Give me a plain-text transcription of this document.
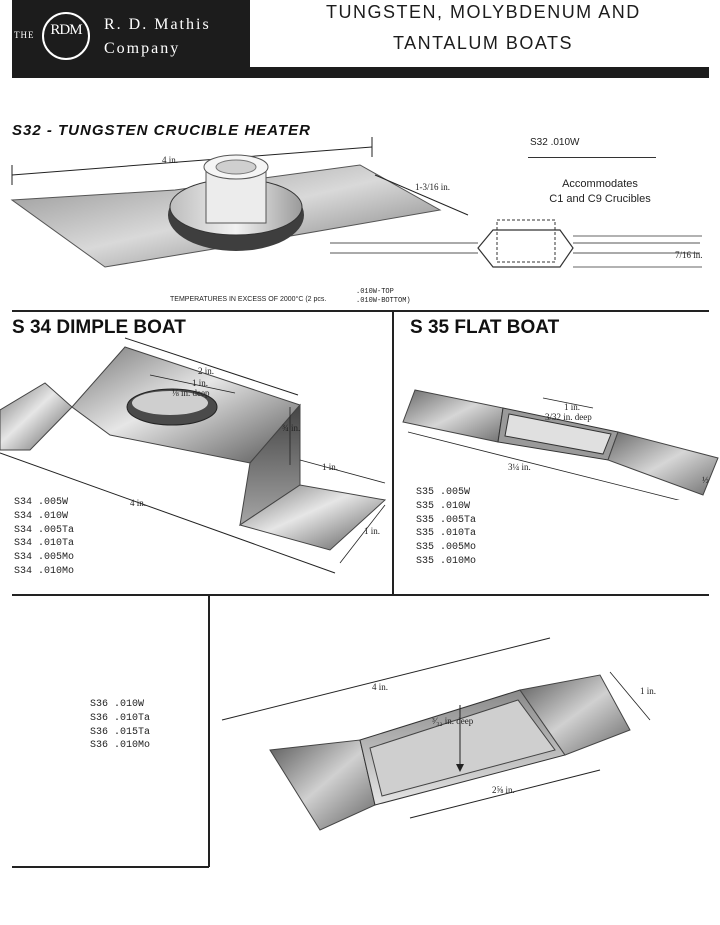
THE	RDM	R. D. Mathis
Company
TUNGSTEN, MOLYBDENUM AND
TANTALUM BOATS
S32 - TUNGSTEN CRUCIBLE HEATER
S32 .010W
Accommodates
C1 and C9 Crucibles
4 in.
1-3/16 in.
7/16 in.
TEMPERATURES IN EXCESS OF 2000°C (2 pcs.
.010W-TOP
.010W-BOTTOM)
S 34 DIMPLE BOAT
2 in.
1 in.
⅛ in. deep
¾ in.
1 in.
4 in.
1 in.
S34 .005W
S34 .010W
S34 .005Ta
S34 .010Ta
S34 .005Mo
S34 .010Mo
S 35 FLAT BOAT
1 in.
3/32 in. deep
3¼ in.
½
S35 .005W
S35 .010W
S35 .005Ta
S35 .010Ta
S35 .005Mo
S35 .010Mo
S36 .010W
S36 .010Ta
S36 .015Ta
S36 .010Mo
4 in.
³⁄₃₂ in. deep
1 in.
2⅝ in.
